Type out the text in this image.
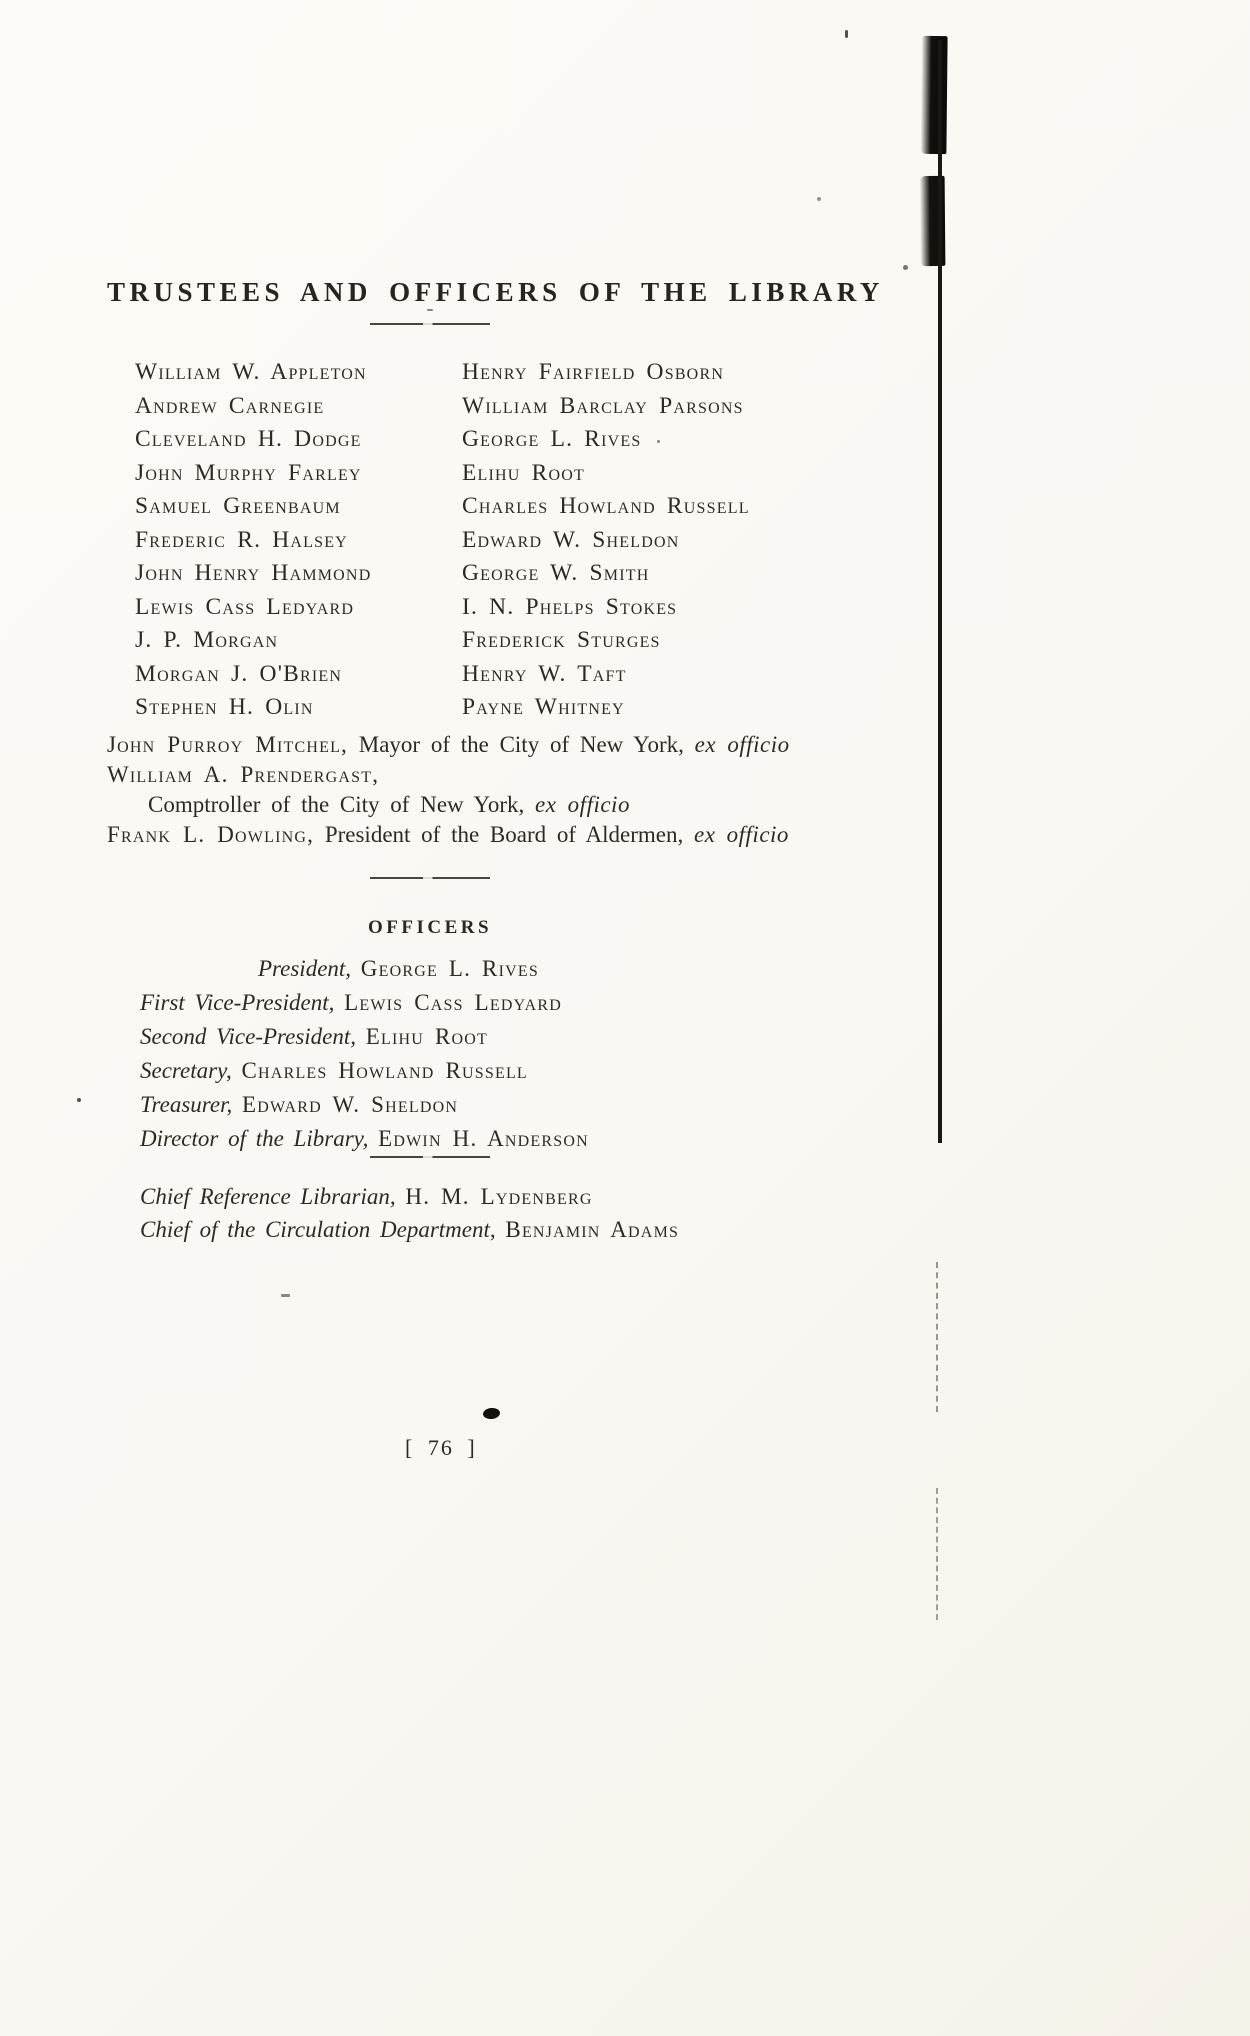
TRUSTEES AND OFFICERS OF THE LIBRARY
William W. Appleton
Andrew Carnegie
Cleveland H. Dodge
John Murphy Farley
Samuel Greenbaum
Frederic R. Halsey
John Henry Hammond
Lewis Cass Ledyard
J. P. Morgan
Morgan J. O'Brien
Stephen H. Olin
Henry Fairfield Osborn
William Barclay Parsons
George L. Rives
Elihu Root
Charles Howland Russell
Edward W. Sheldon
George W. Smith
I. N. Phelps Stokes
Frederick Sturges
Henry W. Taft
Payne Whitney
John Purroy Mitchel, Mayor of the City of New York, ex officio
William A. Prendergast,
Comptroller of the City of New York, ex officio
Frank L. Dowling, President of the Board of Aldermen, ex officio
OFFICERS
President, George L. Rives
First Vice-President, Lewis Cass Ledyard
Second Vice-President, Elihu Root
Secretary, Charles Howland Russell
Treasurer, Edward W. Sheldon
Director of the Library, Edwin H. Anderson
Chief Reference Librarian, H. M. Lydenberg
Chief of the Circulation Department, Benjamin Adams
[ 76 ]
